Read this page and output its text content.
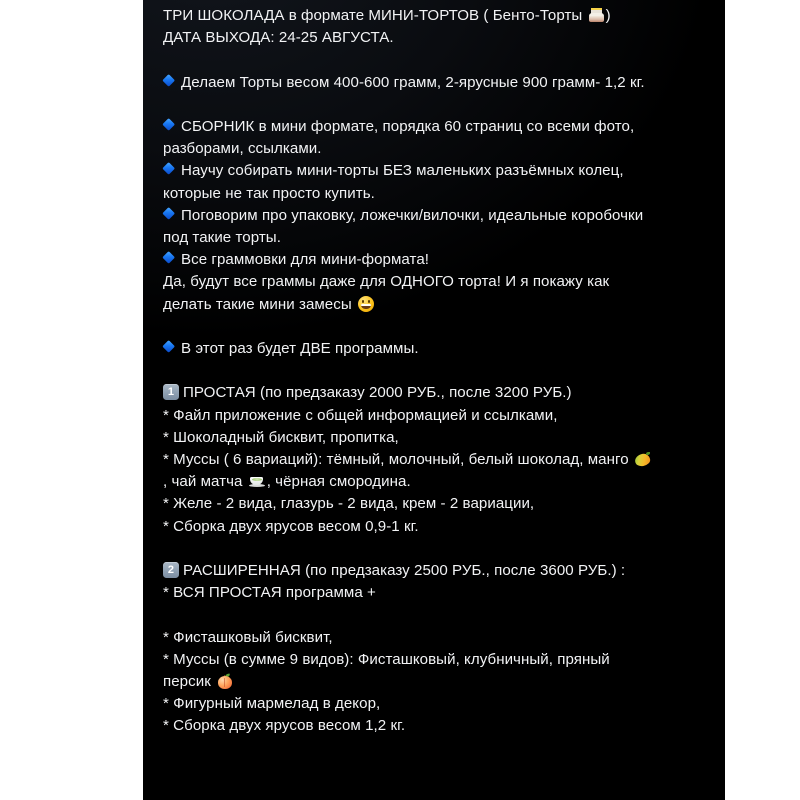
ТРИ ШОКОЛАДА в формате МИНИ-ТОРТОВ ( Бенто-Торты
)
ДАТА ВЫХОДА: 24-25 АВГУСТА.
Делаем Торты весом 400-600 грамм, 2-ярусные 900 грамм- 1,2 кг.
СБОРНИК в мини формате, порядка 60 страниц со всеми фото, разборами, ссылками.
Научу собирать мини-торты БЕЗ маленьких разъёмных колец, которые не так просто купить.
Поговорим про упаковку, ложечки/вилочки, идеальные коробочки под такие торты.
Все граммовки для мини-формата!
Да, будут все граммы даже для ОДНОГО торта! И я покажу как делать такие мини замесы
В этот раз будет ДВЕ программы.
1 ПРОСТАЯ (по предзаказу 2000 РУБ., после 3200 РУБ.)
* Файл приложение с общей информацией и ссылками,
* Шоколадный бисквит, пропитка,
* Муссы ( 6 вариаций): тёмный, молочный, белый шоколад, манго
, чай матча
, чёрная смородина.
* Желе - 2 вида, глазурь - 2 вида, крем - 2 вариации,
* Сборка двух ярусов весом 0,9-1 кг.
2 РАСШИРЕННАЯ (по предзаказу 2500 РУБ., после 3600 РУБ.) :
* ВСЯ ПРОСТАЯ программа +
* Фисташковый бисквит,
* Муссы (в сумме 9 видов): Фисташковый, клубничный, пряный персик
* Фигурный мармелад в декор,
* Сборка двух ярусов весом 1,2 кг.
